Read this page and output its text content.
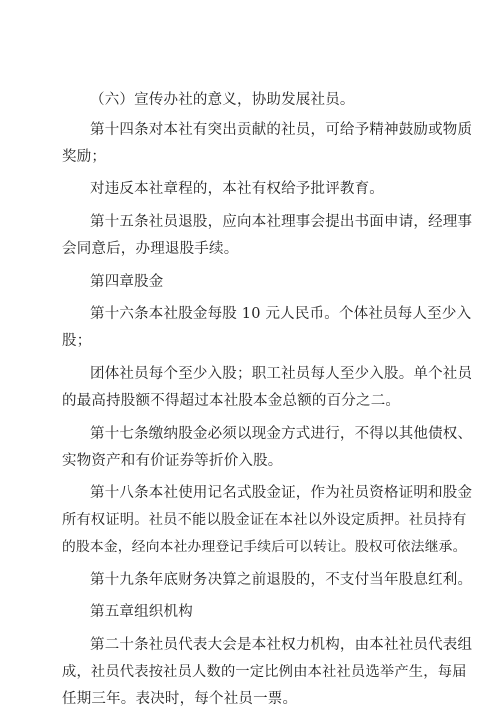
（六）宣传办社的意义，协助发展社员。
第十四条对本社有突出贡献的社员，可给予精神鼓励或物质
奖励；
对违反本社章程的，本社有权给予批评教育。
第十五条社员退股，应向本社理事会提出书面申请，经理事
会同意后，办理退股手续。
第四章股金
第十六条本社股金每股 10 元人民币。个体社员每人至少入
股；
团体社员每个至少入股；职工社员每人至少入股。单个社员
的最高持股额不得超过本社股本金总额的百分之二。
第十七条缴纳股金必须以现金方式进行，不得以其他债权、
实物资产和有价证券等折价入股。
第十八条本社使用记名式股金证，作为社员资格证明和股金
所有权证明。社员不能以股金证在本社以外设定质押。社员持有
的股本金，经向本社办理登记手续后可以转让。股权可依法继承。
第十九条年底财务决算之前退股的，不支付当年股息红利。
第五章组织机构
第二十条社员代表大会是本社权力机构，由本社社员代表组
成，社员代表按社员人数的一定比例由本社社员选举产生，每届
任期三年。表决时，每个社员一票。
